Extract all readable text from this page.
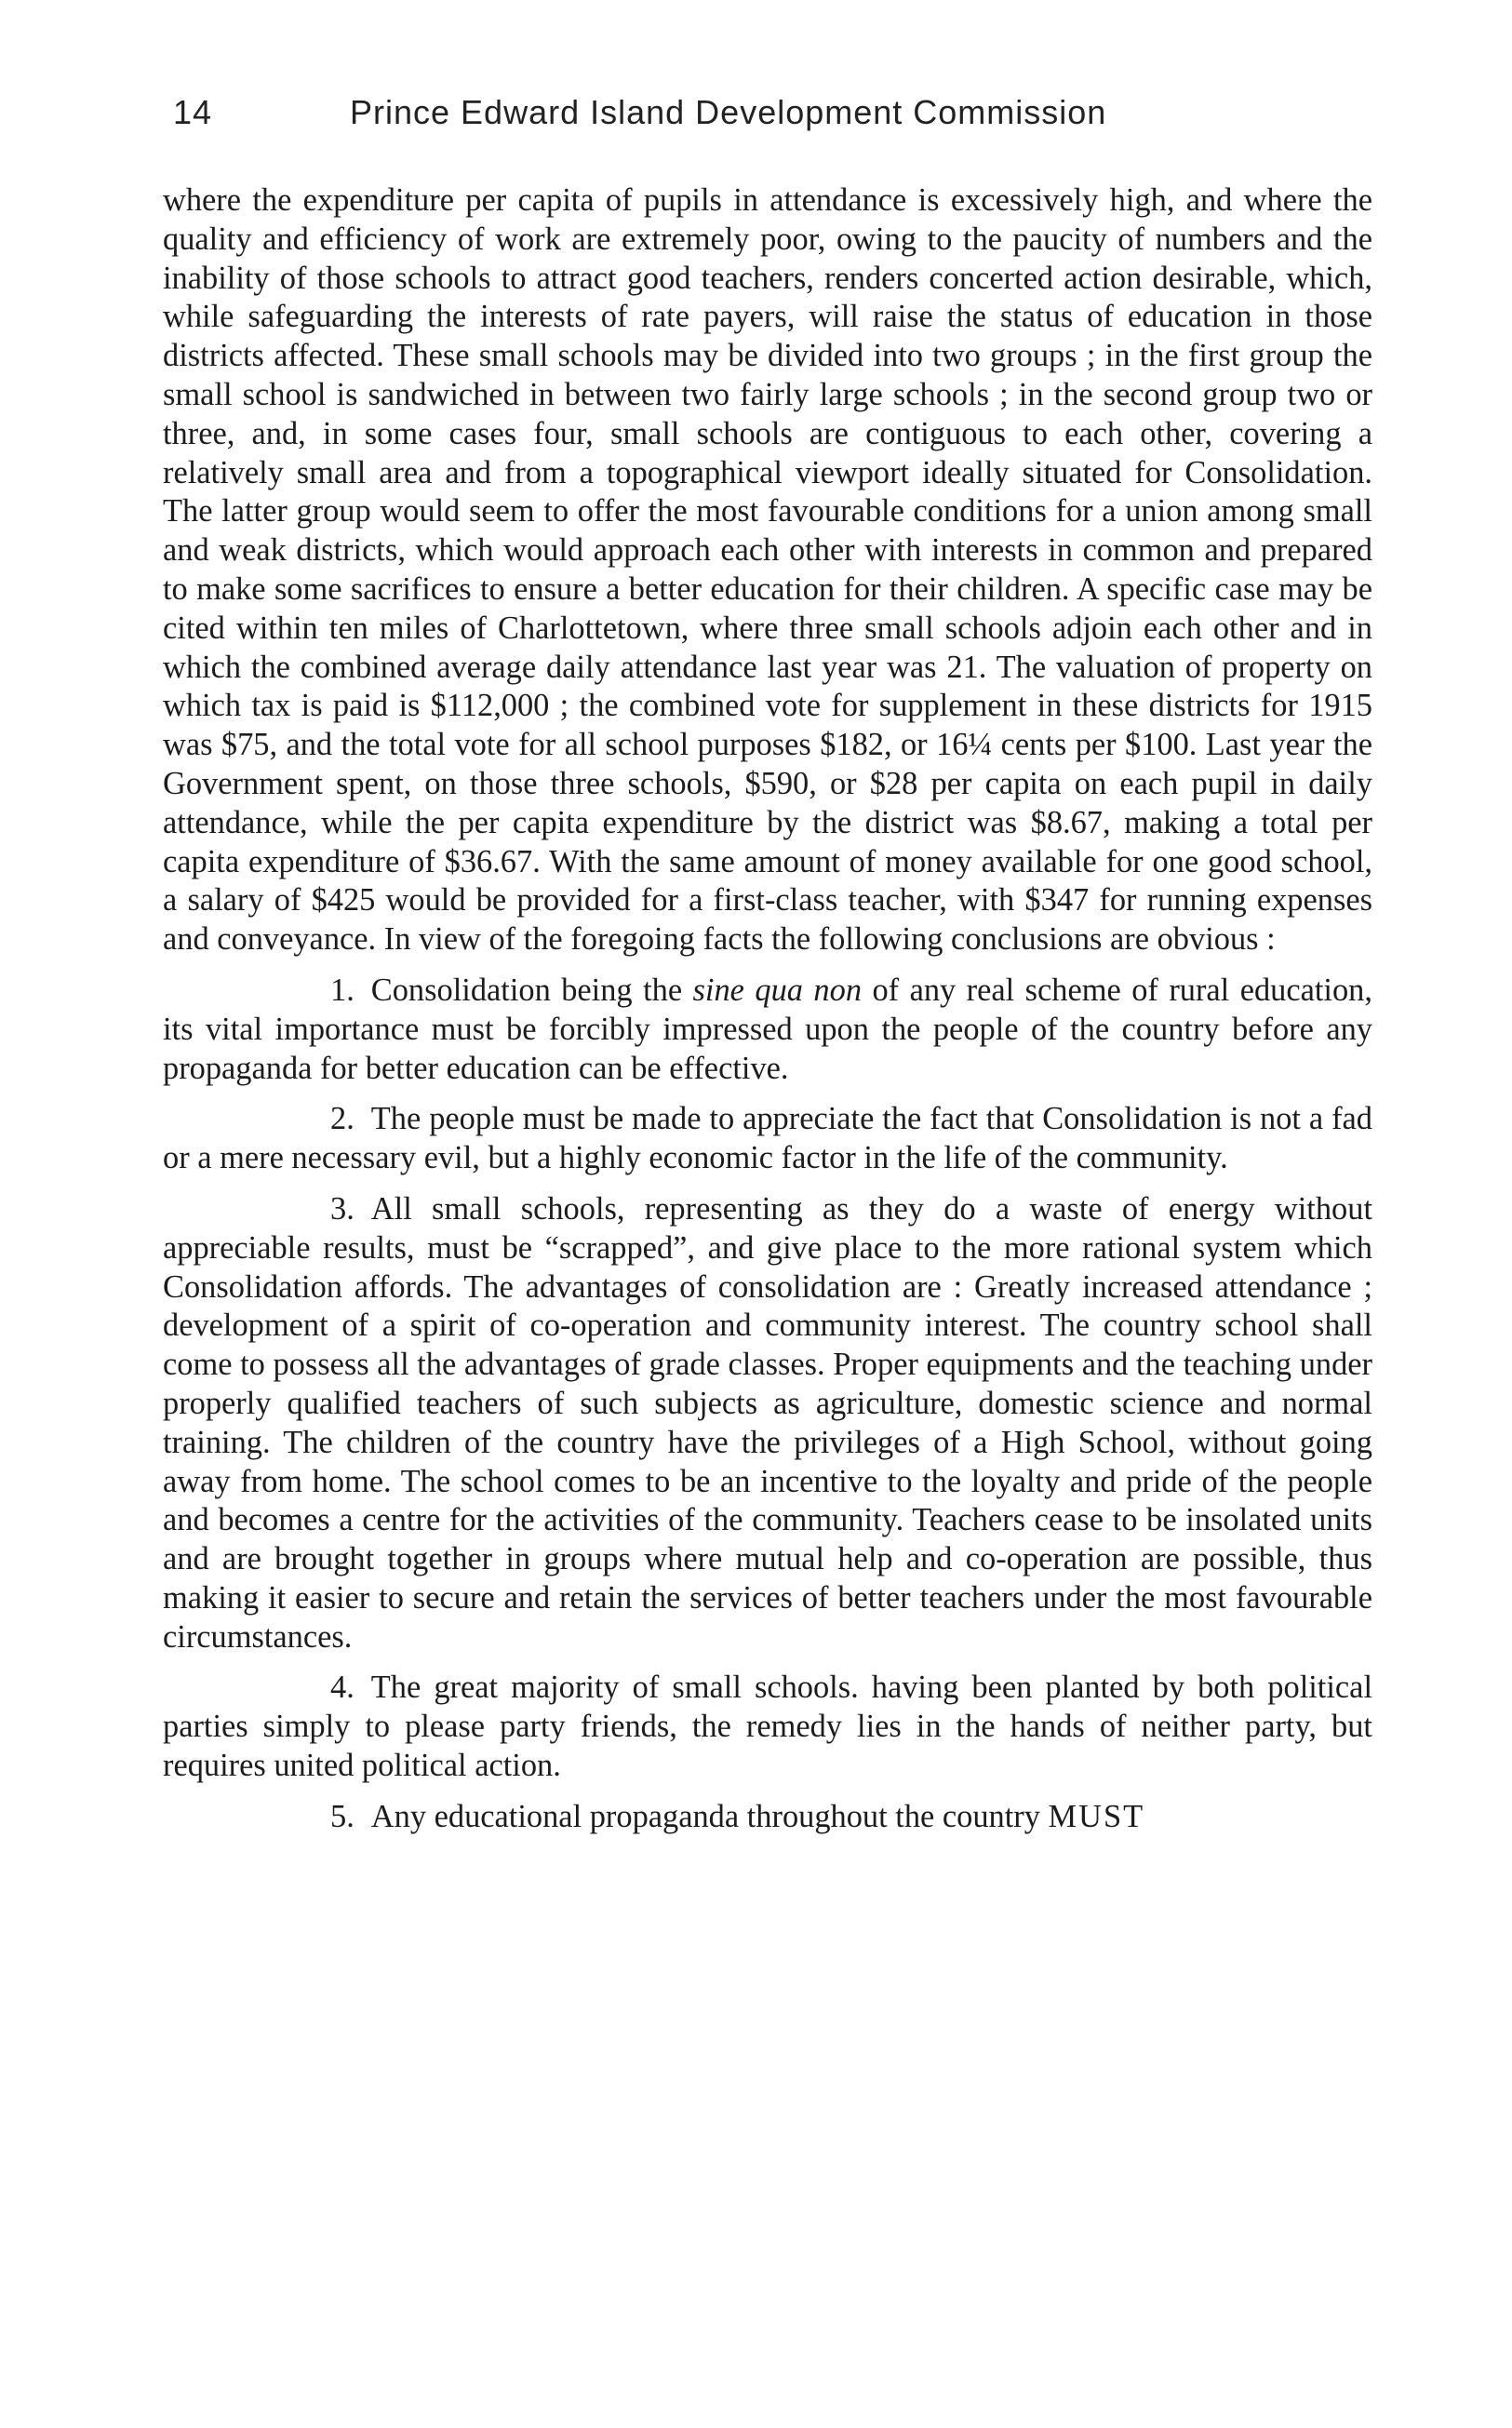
14	Prince Edward Island Development Commission

where the expenditure per capita of pupils in attendance is excessively high, and where the quality and efficiency of work are extremely poor, owing to the paucity of numbers and the inability of those schools to attract good teachers, renders concerted action desirable, which, while safeguarding the interests of rate payers, will raise the status of education in those districts affected. These small schools may be divided into two groups ; in the first group the small school is sandwiched in between two fairly large schools ; in the second group two or three, and, in some cases four, small schools are contiguous to each other, covering a relatively small area and from a topographical viewport ideally situated for Consolidation. The latter group would seem to offer the most favourable conditions for a union among small and weak districts, which would approach each other with interests in common and prepared to make some sacrifices to ensure a better education for their children. A specific case may be cited within ten miles of Charlottetown, where three small schools adjoin each other and in which the combined average daily attendance last year was 21. The valuation of property on which tax is paid is $112,000 ; the combined vote for supplement in these districts for 1915 was $75, and the total vote for all school purposes $182, or 16¼ cents per $100. Last year the Government spent, on those three schools, $590, or $28 per capita on each pupil in daily attendance, while the per capita expenditure by the district was $8.67, making a total per capita expenditure of $36.67. With the same amount of money available for one good school, a salary of $425 would be provided for a first-class teacher, with $347 for running expenses and conveyance. In view of the foregoing facts the following conclusions are obvious :

1. Consolidation being the sine qua non of any real scheme of rural education, its vital importance must be forcibly impressed upon the people of the country before any propaganda for better education can be effective.

2. The people must be made to appreciate the fact that Consolidation is not a fad or a mere necessary evil, but a highly economic factor in the life of the community.

3. All small schools, representing as they do a waste of energy without appreciable results, must be “scrapped”, and give place to the more rational system which Consolidation affords. The advantages of consolidation are : Greatly increased attendance ; development of a spirit of co-operation and community interest. The country school shall come to possess all the advantages of grade classes. Proper equipments and the teaching under properly qualified teachers of such subjects as agriculture, domestic science and normal training. The children of the country have the privileges of a High School, without going away from home. The school comes to be an incentive to the loyalty and pride of the people and becomes a centre for the activities of the community. Teachers cease to be insolated units and are brought together in groups where mutual help and co-operation are possible, thus making it easier to secure and retain the services of better teachers under the most favourable circumstances.

4. The great majority of small schools. having been planted by both political parties simply to please party friends, the remedy lies in the hands of neither party, but requires united political action.

5. Any educational propaganda throughout the country MUST
